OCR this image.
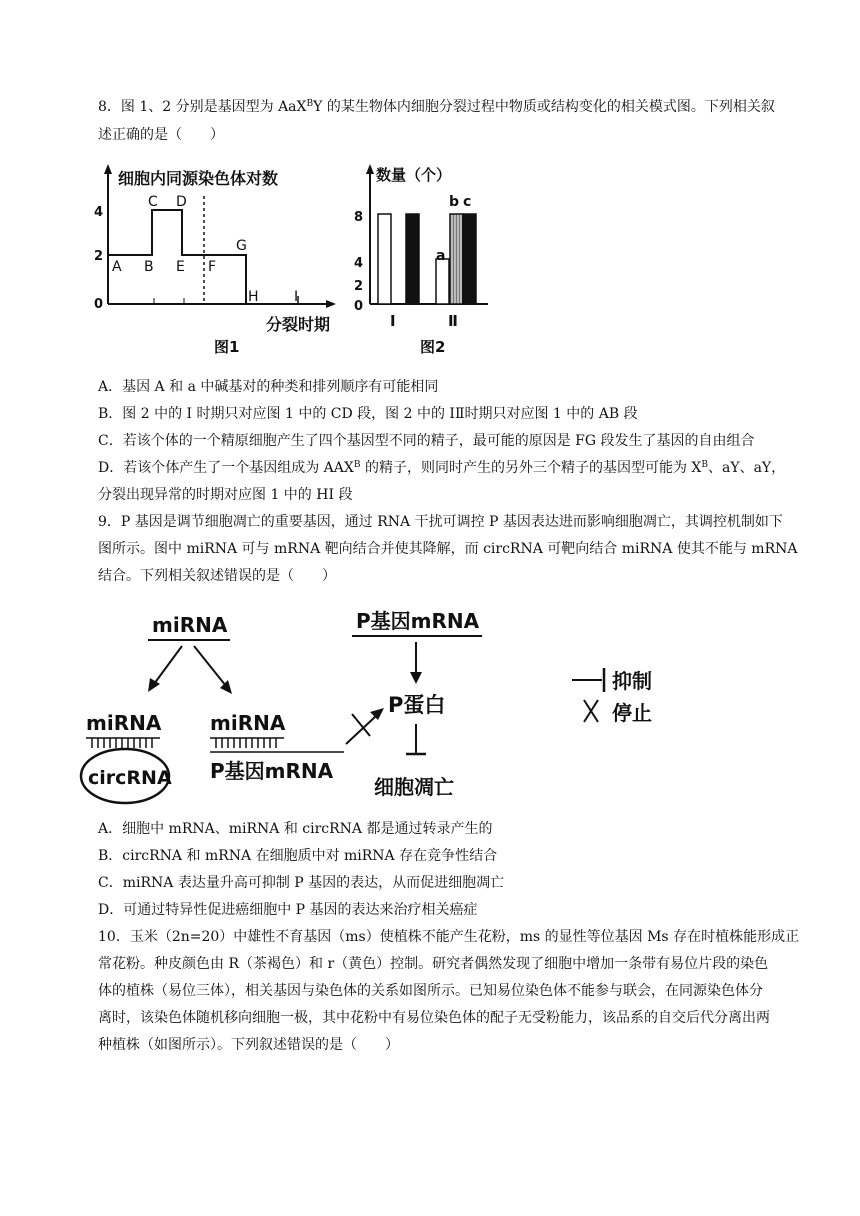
8．图 1、2 分别是基因型为 AaX$^B$Y 的某生物体内细胞分裂过程中物质或结构变化的相关模式图。下列相关叙
述正确的是（　　）
细胞内同源染色体对数
4
2
0
A B
C D
E F
G
H	I
分裂时期
图1
数量（个）
8
4
2
0
a
b c
Ⅰ	Ⅱ
图2
A．基因 A 和 a 中碱基对的种类和排列顺序有可能相同
B．图 2 中的 I 时期只对应图 1 中的 CD 段，图 2 中的 IⅡ时期只对应图 1 中的 AB 段
C．若该个体的一个精原细胞产生了四个基因型不同的精子，最可能的原因是 FG 段发生了基因的自由组合
D．若该个体产生了一个基因组成为 $AAX^B$ 的精子，则同时产生的另外三个精子的基因型可能为 $X^B$、aY、aY，
分裂出现异常的时期对应图 1 中的 HI 段
9．P 基因是调节细胞凋亡的重要基因，通过 RNA 干扰可调控 P 基因表达进而影响细胞凋亡，其调控机制如下
图所示。图中 miRNA 可与 mRNA 靶向结合并使其降解，而 circRNA 可靶向结合 miRNA 使其不能与 mRNA
结合。下列相关叙述错误的是（　　）
miRNA
miRNA
circRNA
miRNA
P基因mRNA
P基因mRNA
P蛋白
细胞凋亡
抑制
停止
A．细胞中 mRNA、miRNA 和 circRNA 都是通过转录产生的
B．circRNA 和 mRNA 在细胞质中对 miRNA 存在竞争性结合
C．miRNA 表达量升高可抑制 P 基因的表达，从而促进细胞凋亡
D．可通过特异性促进癌细胞中 P 基因的表达来治疗相关癌症
10．玉米（2n=20）中雄性不育基因（ms）使植株不能产生花粉，ms 的显性等位基因 Ms 存在时植株能形成正
常花粉。种皮颜色由 R（茶褐色）和 r（黄色）控制。研究者偶然发现了细胞中增加一条带有易位片段的染色
体的植株（易位三体），相关基因与染色体的关系如图所示。已知易位染色体不能参与联会，在同源染色体分
离时，该染色体随机移向细胞一极，其中花粉中有易位染色体的配子无受粉能力，该品系的自交后代分离出两
种植株（如图所示）。下列叙述错误的是（　　）
